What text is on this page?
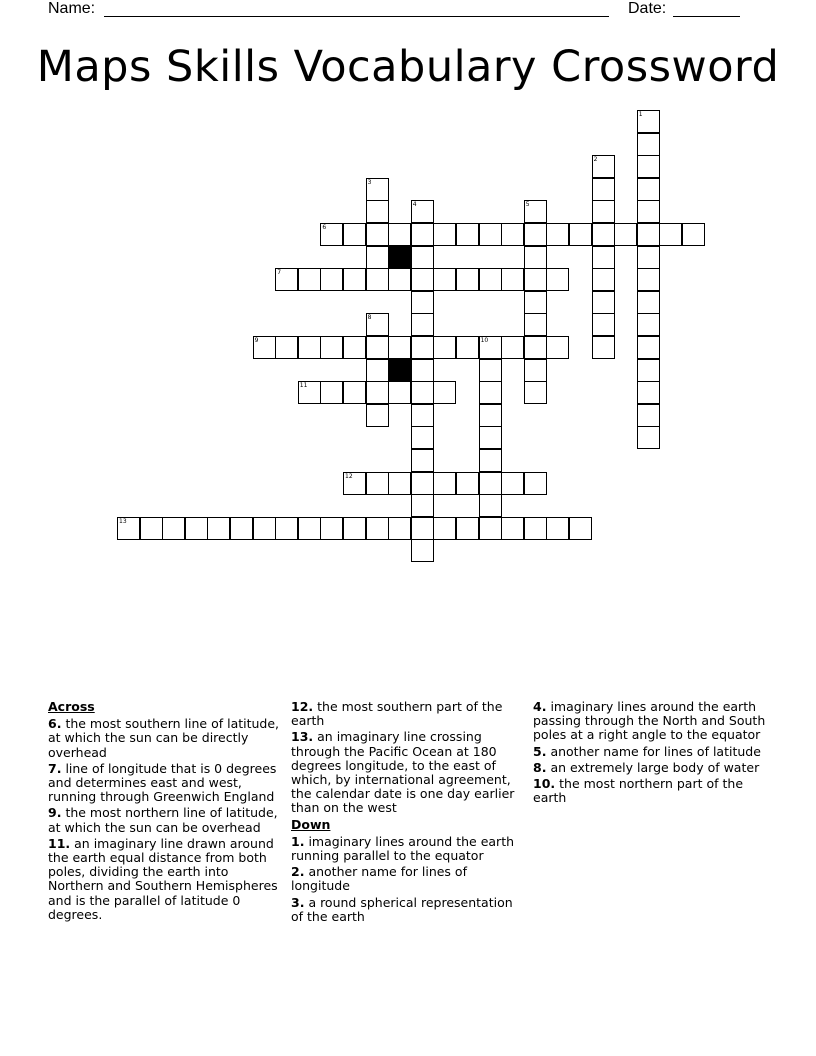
Name:	Date:
Maps Skills Vocabulary Crossword
1
2
3
4	5
6
7
8
9	10
11
12
13
Across
6. the most southern line of latitude, at which the sun can be directly overhead
7. line of longitude that is 0 degrees and determines east and west, running through Greenwich England
9. the most northern line of latitude, at which the sun can be overhead
11. an imaginary line drawn around the earth equal distance from both poles, dividing the earth into Northern and Southern Hemispheres and is the parallel of latitude 0 degrees.
12. the most southern part of the earth
13. an imaginary line crossing through the Pacific Ocean at 180 degrees longitude, to the east of which, by international agreement, the calendar date is one day earlier than on the west
Down
1. imaginary lines around the earth running parallel to the equator
2. another name for lines of longitude
3. a round spherical representation of the earth
4. imaginary lines around the earth passing through the North and South poles at a right angle to the equator
5. another name for lines of latitude
8. an extremely large body of water
10. the most northern part of the earth
